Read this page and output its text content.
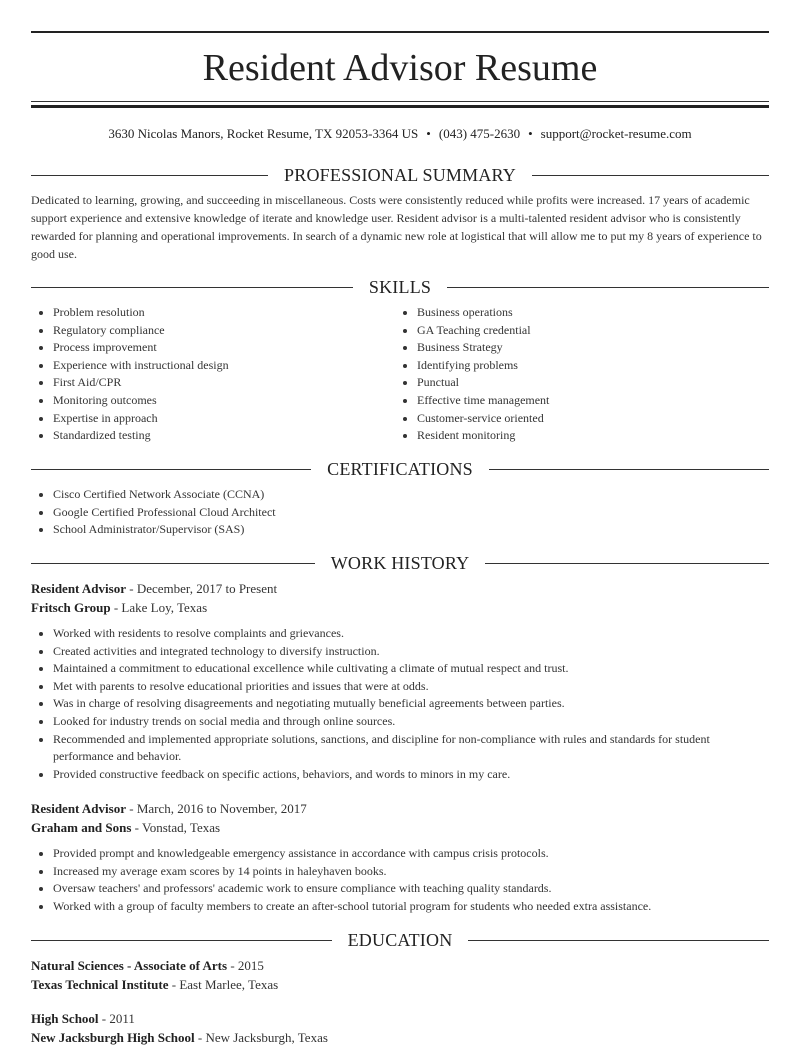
Resident Advisor Resume
3630 Nicolas Manors, Rocket Resume, TX 92053-3364 US • (043) 475-2630 • support@rocket-resume.com
PROFESSIONAL SUMMARY
Dedicated to learning, growing, and succeeding in miscellaneous. Costs were consistently reduced while profits were increased. 17 years of academic support experience and extensive knowledge of iterate and knowledge user. Resident advisor is a multi-talented resident advisor who is consistently rewarded for planning and operational improvements. In search of a dynamic new role at logistical that will allow me to put my 8 years of experience to good use.
SKILLS
Problem resolution
Regulatory compliance
Process improvement
Experience with instructional design
First Aid/CPR
Monitoring outcomes
Expertise in approach
Standardized testing
Business operations
GA Teaching credential
Business Strategy
Identifying problems
Punctual
Effective time management
Customer-service oriented
Resident monitoring
CERTIFICATIONS
Cisco Certified Network Associate (CCNA)
Google Certified Professional Cloud Architect
School Administrator/Supervisor (SAS)
WORK HISTORY
Resident Advisor - December, 2017 to Present
Fritsch Group - Lake Loy, Texas
Worked with residents to resolve complaints and grievances.
Created activities and integrated technology to diversify instruction.
Maintained a commitment to educational excellence while cultivating a climate of mutual respect and trust.
Met with parents to resolve educational priorities and issues that were at odds.
Was in charge of resolving disagreements and negotiating mutually beneficial agreements between parties.
Looked for industry trends on social media and through online sources.
Recommended and implemented appropriate solutions, sanctions, and discipline for non-compliance with rules and standards for student performance and behavior.
Provided constructive feedback on specific actions, behaviors, and words to minors in my care.
Resident Advisor - March, 2016 to November, 2017
Graham and Sons - Vonstad, Texas
Provided prompt and knowledgeable emergency assistance in accordance with campus crisis protocols.
Increased my average exam scores by 14 points in haleyhaven books.
Oversaw teachers' and professors' academic work to ensure compliance with teaching quality standards.
Worked with a group of faculty members to create an after-school tutorial program for students who needed extra assistance.
EDUCATION
Natural Sciences - Associate of Arts - 2015
Texas Technical Institute - East Marlee, Texas
High School - 2011
New Jacksburgh High School - New Jacksburgh, Texas
